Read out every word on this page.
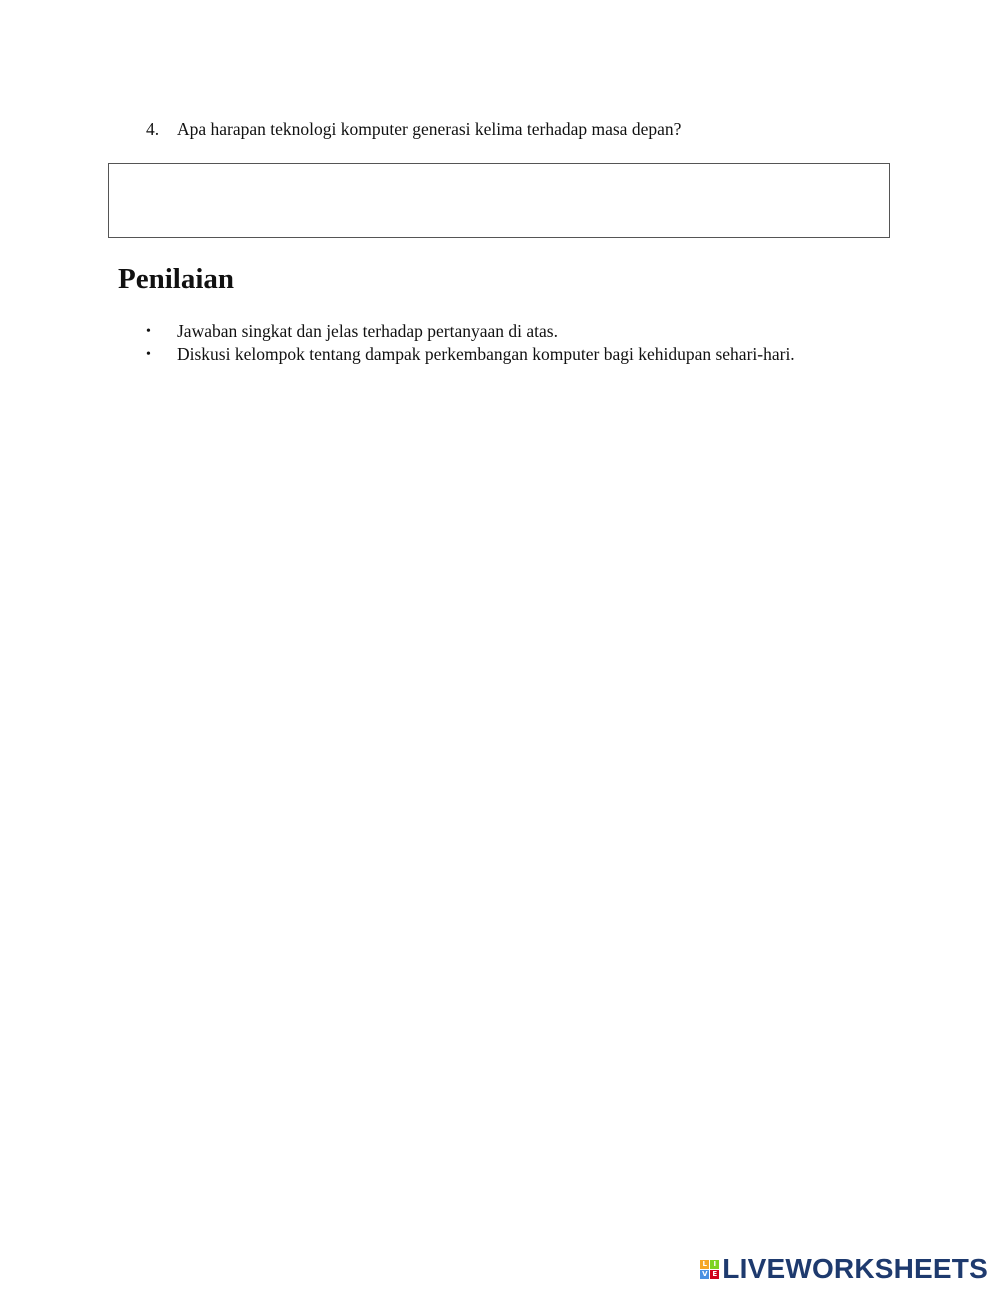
4. Apa harapan teknologi komputer generasi kelima terhadap masa depan?
Penilaian
•	Jawaban singkat dan jelas terhadap pertanyaan di atas.
•	Diskusi kelompok tentang dampak perkembangan komputer bagi kehidupan sehari-hari.
L I
V E LIVEWORKSHEETS
